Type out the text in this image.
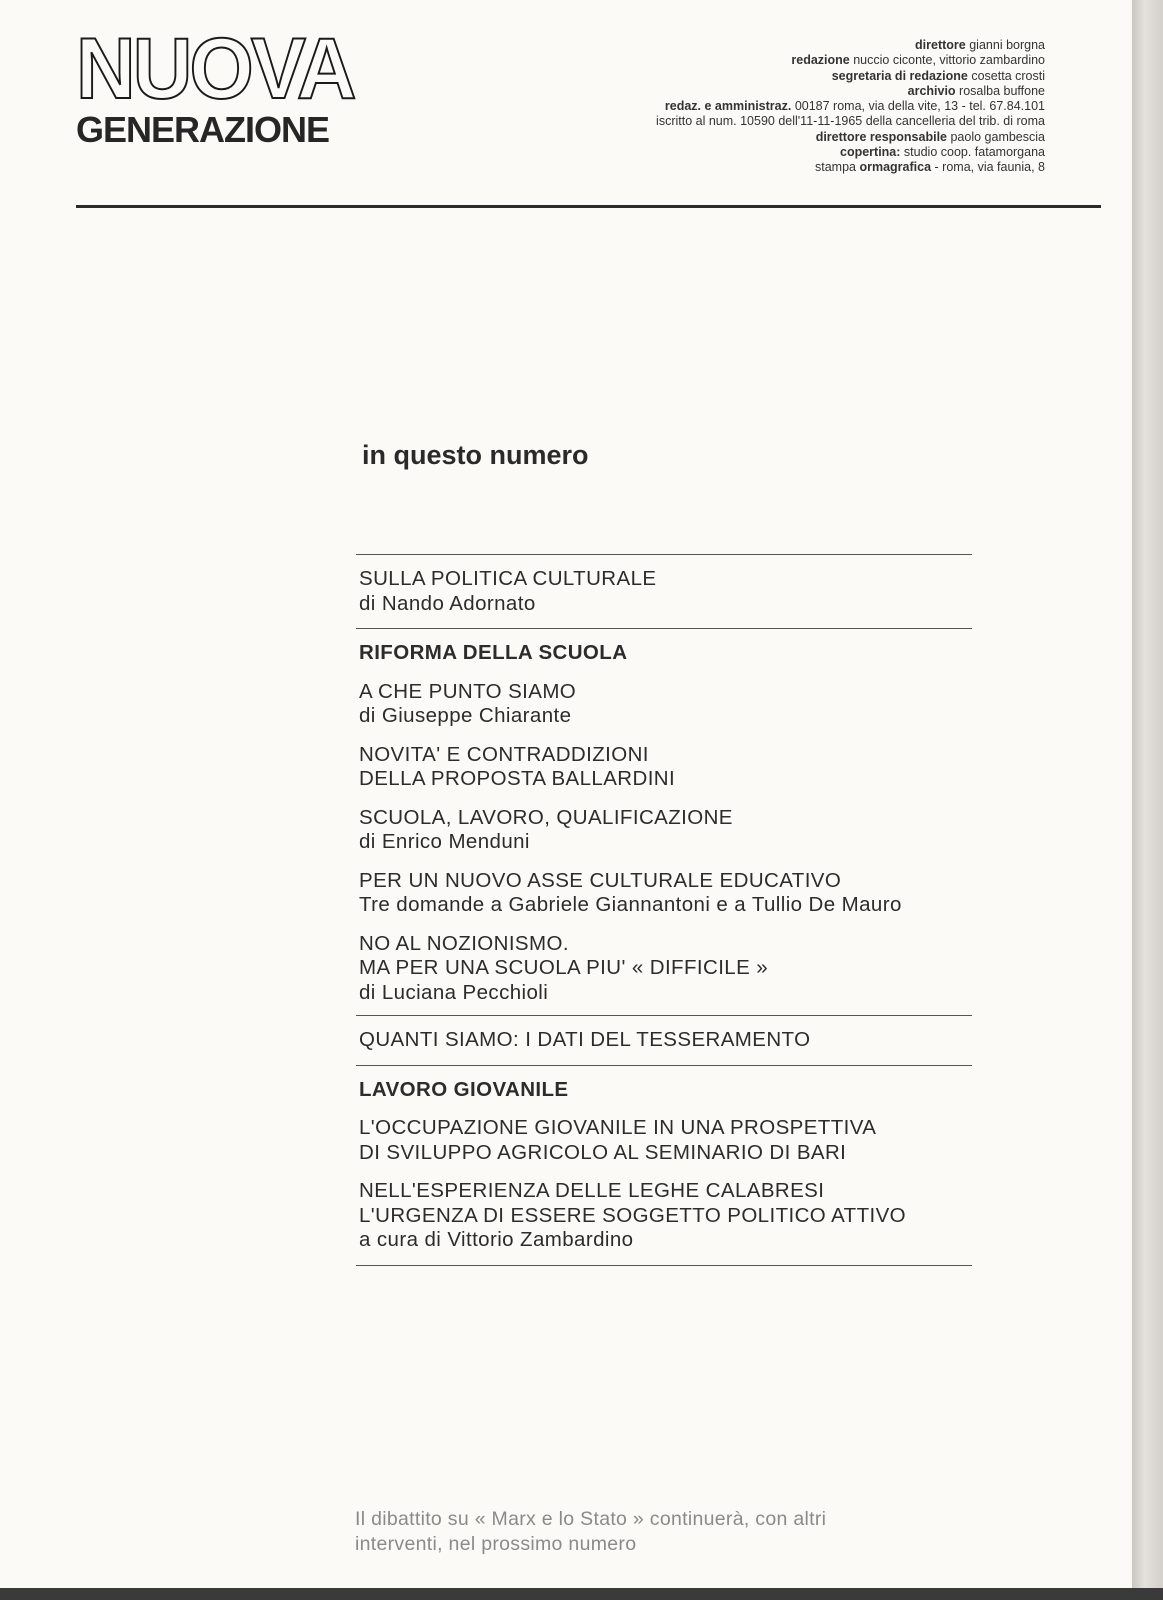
NUOVA
GENERAZIONE
direttore gianni borgna
redazione nuccio ciconte, vittorio zambardino
segretaria di redazione cosetta crosti
archivio rosalba buffone
redaz. e amministraz. 00187 roma, via della vite, 13 - tel. 67.84.101
iscritto al num. 10590 dell'11-11-1965 della cancelleria del trib. di roma
direttore responsabile paolo gambescia
copertina: studio coop. fatamorgana
stampa ormagrafica - roma, via faunia, 8
in questo numero
SULLA POLITICA CULTURALE
di Nando Adornato
RIFORMA DELLA SCUOLA
A CHE PUNTO SIAMO
di Giuseppe Chiarante
NOVITA' E CONTRADDIZIONI
DELLA PROPOSTA BALLARDINI
SCUOLA, LAVORO, QUALIFICAZIONE
di Enrico Menduni
PER UN NUOVO ASSE CULTURALE EDUCATIVO
Tre domande a Gabriele Giannantoni e a Tullio De Mauro
NO AL NOZIONISMO.
MA PER UNA SCUOLA PIU' « DIFFICILE »
di Luciana Pecchioli
QUANTI SIAMO: I DATI DEL TESSERAMENTO
LAVORO GIOVANILE
L'OCCUPAZIONE GIOVANILE IN UNA PROSPETTIVA
DI SVILUPPO AGRICOLO AL SEMINARIO DI BARI
NELL'ESPERIENZA DELLE LEGHE CALABRESI
L'URGENZA DI ESSERE SOGGETTO POLITICO ATTIVO
a cura di Vittorio Zambardino
Il dibattito su « Marx e lo Stato » continuerà, con altri
interventi, nel prossimo numero
